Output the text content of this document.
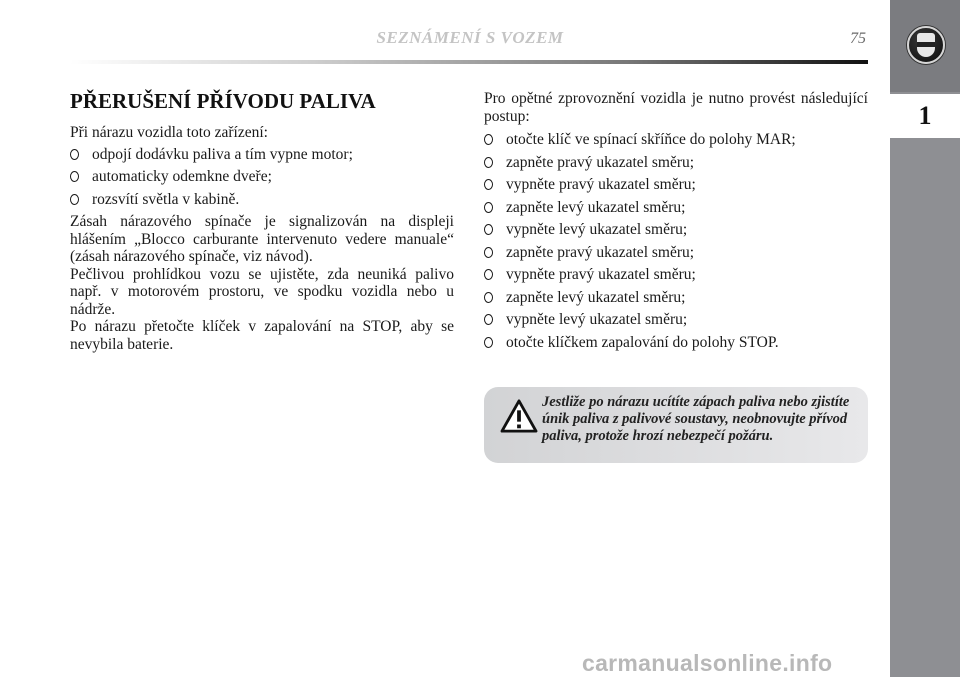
SEZNÁMENÍ S VOZEM	75
1
PŘERUŠENÍ PŘÍVODU PALIVA

Při nárazu vozidla toto zařízení:

odpojí dodávku paliva a tím vypne motor;
automaticky odemkne dveře;
rozsvítí světla v kabině.

Zásah nárazového spínače je signalizován na displeji hlášením „Blocco carburante intervenuto vedere manuale“ (zásah nárazového spínače, viz návod).

Pečlivou prohlídkou vozu se ujistěte, zda neuniká palivo např. v motorovém prostoru, ve spodku vozidla nebo u nádrže.

Po nárazu přetočte klíček v zapalování na STOP, aby se nevybila baterie.

Pro opětné zprovoznění vozidla je nutno provést následující postup:

otočte klíč ve spínací skříňce do polohy MAR;
zapněte pravý ukazatel směru;
vypněte pravý ukazatel směru;
zapněte levý ukazatel směru;
vypněte levý ukazatel směru;
zapněte pravý ukazatel směru;
vypněte pravý ukazatel směru;
zapněte levý ukazatel směru;
vypněte levý ukazatel směru;
otočte klíčkem zapalování do polohy STOP.
Jestliže po nárazu ucítíte zápach paliva nebo zjistíte únik paliva z palivové soustavy, neobnovujte přívod paliva, protože hrozí nebezpečí požáru.
carmanualsonline.info
